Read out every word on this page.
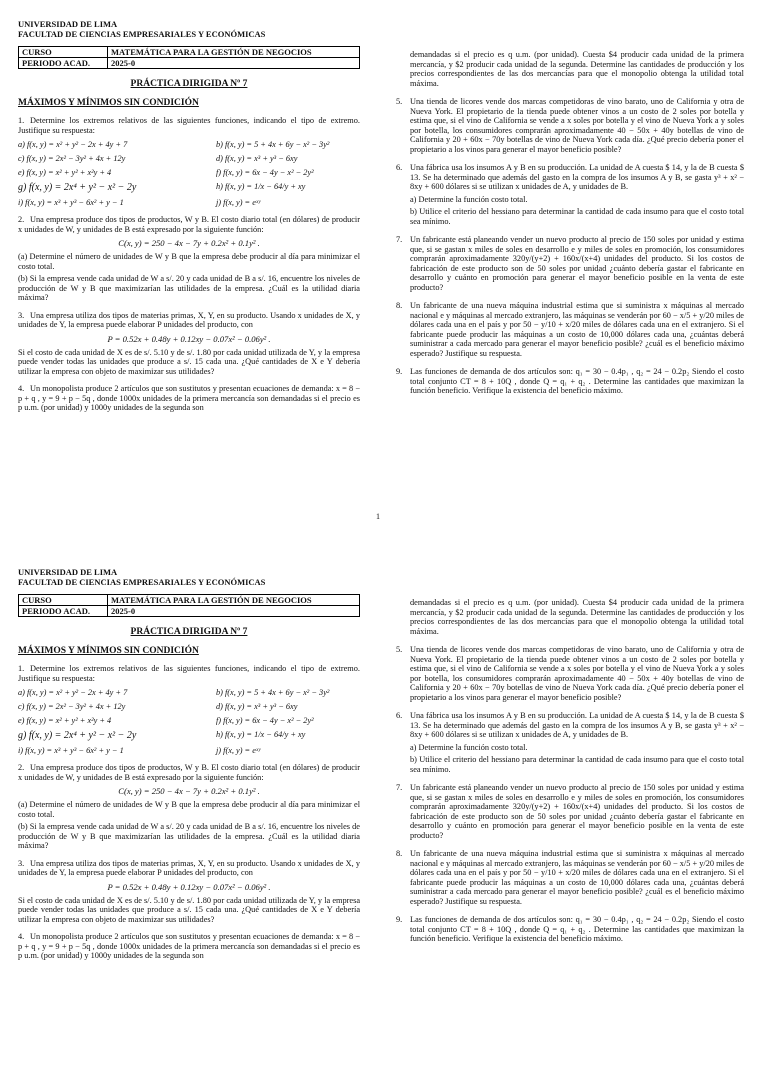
UNIVERSIDAD DE LIMA
FACULTAD DE CIENCIAS EMPRESARIALES Y ECONÓMICAS
CURSO	MATEMÁTICA PARA LA GESTIÓN DE NEGOCIOS
PERIODO ACAD.	2025-0
PRÁCTICA DIRIGIDA Nº 7
MÁXIMOS Y MÍNIMOS SIN CONDICIÓN
1. Determine los extremos relativos de las siguientes funciones, indicando el tipo de extremo. Justifique su respuesta:
a) f(x, y) = x² + y² − 2x + 4y + 7	b) f(x, y) = 5 + 4x + 6y − x² − 3y²
c) f(x, y) = 2x² − 3y² + 4x + 12y	d) f(x, y) = x³ + y³ − 6xy
e) f(x, y) = x² + y² + x²y + 4	f) f(x, y) = 6x − 4y − x² − 2y²
g) f(x, y) = 2x⁴ + y² − x² − 2y	h) f(x, y) = 1/x − 64/y + xy
i) f(x, y) = x³ + y³ − 6x² + y − 1	j) f(x, y) = eˣʸ
2. Una empresa produce dos tipos de productos, W y B. El costo diario total (en dólares) de producir x unidades de W, y unidades de B está expresado por la siguiente función:
C(x, y) = 250 − 4x − 7y + 0.2x² + 0.1y² .
(a) Determine el número de unidades de W y B que la empresa debe producir al día para minimizar el costo total.
(b) Si la empresa vende cada unidad de W a s/. 20 y cada unidad de B a s/. 16, encuentre los niveles de producción de W y B que maximizarían las utilidades de la empresa. ¿Cuál es la utilidad diaria máxima?
3. Una empresa utiliza dos tipos de materias primas, X, Y, en su producto. Usando x unidades de X, y unidades de Y, la empresa puede elaborar P unidades del producto, con
P = 0.52x + 0.48y + 0.12xy − 0.07x² − 0.06y² .
Si el costo de cada unidad de X es de s/. 5.10 y de s/. 1.80 por cada unidad utilizada de Y, y la empresa puede vender todas las unidades que produce a s/. 15 cada una. ¿Qué cantidades de X e Y debería utilizar la empresa con objeto de maximizar sus utilidades?
4. Un monopolista produce 2 artículos que son sustitutos y presentan ecuaciones de demanda: x = 8 − p + q , y = 9 + p − 5q , donde 1000x unidades de la primera mercancía son demandadas si el precio es p u.m. (por unidad) y 1000y unidades de la segunda son
demandadas si el precio es q u.m. (por unidad). Cuesta $4 producir cada unidad de la primera mercancía, y $2 producir cada unidad de la segunda. Determine las cantidades de producción y los precios correspondientes de las dos mercancías para que el monopolio obtenga la utilidad total máxima.
5. Una tienda de licores vende dos marcas competidoras de vino barato, uno de California y otra de Nueva York. El propietario de la tienda puede obtener vinos a un costo de 2 soles por botella y estima que, si el vino de California se vende a x soles por botella y el vino de Nueva York a y soles por botella, los consumidores comprarán aproximadamente 40 − 50x + 40y botellas de vino de California y 20 + 60x − 70y botellas de vino de Nueva York cada día. ¿Qué precio debería poner el propietario a los vinos para generar el mayor beneficio posible?
6. Una fábrica usa los insumos A y B en su producción. La unidad de A cuesta $ 14, y la de B cuesta $ 13. Se ha determinado que además del gasto en la compra de los insumos A y B, se gasta y³ + x² − 8xy + 600 dólares si se utilizan x unidades de A, y unidades de B.
a) Determine la función costo total.
b) Utilice el criterio del hessiano para determinar la cantidad de cada insumo para que el costo total sea mínimo.
7. Un fabricante está planeando vender un nuevo producto al precio de 150 soles por unidad y estima que, si se gastan x miles de soles en desarrollo e y miles de soles en promoción, los consumidores comprarán aproximadamente 320y/(y+2) + 160x/(x+4) unidades del producto. Si los costos de fabricación de este producto son de 50 soles por unidad ¿cuánto debería gastar el fabricante en desarrollo y cuánto en promoción para generar el mayor beneficio posible en la venta de este producto?
8. Un fabricante de una nueva máquina industrial estima que si suministra x máquinas al mercado nacional e y máquinas al mercado extranjero, las máquinas se venderán por 60 − x/5 + y/20 miles de dólares cada una en el país y por 50 − y/10 + x/20 miles de dólares cada una en el extranjero. Si el fabricante puede producir las máquinas a un costo de 10,000 dólares cada una, ¿cuántas deberá suministrar a cada mercado para generar el mayor beneficio posible? ¿cuál es el beneficio máximo esperado? Justifique su respuesta.
9. Las funciones de demanda de dos artículos son: q₁ = 30 − 0.4p₁ , q₂ = 24 − 0.2p₂ Siendo el costo total conjunto CT = 8 + 10Q , donde Q = q₁ + q₂ . Determine las cantidades que maximizan la función beneficio. Verifique la existencia del beneficio máximo.
1
UNIVERSIDAD DE LIMA
FACULTAD DE CIENCIAS EMPRESARIALES Y ECONÓMICAS
CURSO	MATEMÁTICA PARA LA GESTIÓN DE NEGOCIOS
PERIODO ACAD.	2025-0
PRÁCTICA DIRIGIDA Nº 7
MÁXIMOS Y MÍNIMOS SIN CONDICIÓN
1. Determine los extremos relativos de las siguientes funciones, indicando el tipo de extremo. Justifique su respuesta:
a) f(x, y) = x² + y² − 2x + 4y + 7	b) f(x, y) = 5 + 4x + 6y − x² − 3y²
c) f(x, y) = 2x² − 3y² + 4x + 12y	d) f(x, y) = x³ + y³ − 6xy
e) f(x, y) = x² + y² + x²y + 4	f) f(x, y) = 6x − 4y − x² − 2y²
g) f(x, y) = 2x⁴ + y² − x² − 2y	h) f(x, y) = 1/x − 64/y + xy
i) f(x, y) = x³ + y³ − 6x² + y − 1	j) f(x, y) = eˣʸ
2. Una empresa produce dos tipos de productos, W y B. El costo diario total (en dólares) de producir x unidades de W, y unidades de B está expresado por la siguiente función:
C(x, y) = 250 − 4x − 7y + 0.2x² + 0.1y² .
(a) Determine el número de unidades de W y B que la empresa debe producir al día para minimizar el costo total.
(b) Si la empresa vende cada unidad de W a s/. 20 y cada unidad de B a s/. 16, encuentre los niveles de producción de W y B que maximizarían las utilidades de la empresa. ¿Cuál es la utilidad diaria máxima?
3. Una empresa utiliza dos tipos de materias primas, X, Y, en su producto. Usando x unidades de X, y unidades de Y, la empresa puede elaborar P unidades del producto, con
P = 0.52x + 0.48y + 0.12xy − 0.07x² − 0.06y² .
Si el costo de cada unidad de X es de s/. 5.10 y de s/. 1.80 por cada unidad utilizada de Y, y la empresa puede vender todas las unidades que produce a s/. 15 cada una. ¿Qué cantidades de X e Y debería utilizar la empresa con objeto de maximizar sus utilidades?
4. Un monopolista produce 2 artículos que son sustitutos y presentan ecuaciones de demanda: x = 8 − p + q , y = 9 + p − 5q , donde 1000x unidades de la primera mercancía son demandadas si el precio es p u.m. (por unidad) y 1000y unidades de la segunda son
demandadas si el precio es q u.m. (por unidad). Cuesta $4 producir cada unidad de la primera mercancía, y $2 producir cada unidad de la segunda. Determine las cantidades de producción y los precios correspondientes de las dos mercancías para que el monopolio obtenga la utilidad total máxima.
5. Una tienda de licores vende dos marcas competidoras de vino barato, uno de California y otra de Nueva York. El propietario de la tienda puede obtener vinos a un costo de 2 soles por botella y estima que, si el vino de California se vende a x soles por botella y el vino de Nueva York a y soles por botella, los consumidores comprarán aproximadamente 40 − 50x + 40y botellas de vino de California y 20 + 60x − 70y botellas de vino de Nueva York cada día. ¿Qué precio debería poner el propietario a los vinos para generar el mayor beneficio posible?
6. Una fábrica usa los insumos A y B en su producción. La unidad de A cuesta $ 14, y la de B cuesta $ 13. Se ha determinado que además del gasto en la compra de los insumos A y B, se gasta y³ + x² − 8xy + 600 dólares si se utilizan x unidades de A, y unidades de B.
a) Determine la función costo total.
b) Utilice el criterio del hessiano para determinar la cantidad de cada insumo para que el costo total sea mínimo.
7. Un fabricante está planeando vender un nuevo producto al precio de 150 soles por unidad y estima que, si se gastan x miles de soles en desarrollo e y miles de soles en promoción, los consumidores comprarán aproximadamente 320y/(y+2) + 160x/(x+4) unidades del producto. Si los costos de fabricación de este producto son de 50 soles por unidad ¿cuánto debería gastar el fabricante en desarrollo y cuánto en promoción para generar el mayor beneficio posible en la venta de este producto?
8. Un fabricante de una nueva máquina industrial estima que si suministra x máquinas al mercado nacional e y máquinas al mercado extranjero, las máquinas se venderán por 60 − x/5 + y/20 miles de dólares cada una en el país y por 50 − y/10 + x/20 miles de dólares cada una en el extranjero. Si el fabricante puede producir las máquinas a un costo de 10,000 dólares cada una, ¿cuántas deberá suministrar a cada mercado para generar el mayor beneficio posible? ¿cuál es el beneficio máximo esperado? Justifique su respuesta.
9. Las funciones de demanda de dos artículos son: q₁ = 30 − 0.4p₁ , q₂ = 24 − 0.2p₂ Siendo el costo total conjunto CT = 8 + 10Q , donde Q = q₁ + q₂ . Determine las cantidades que maximizan la función beneficio. Verifique la existencia del beneficio máximo.
